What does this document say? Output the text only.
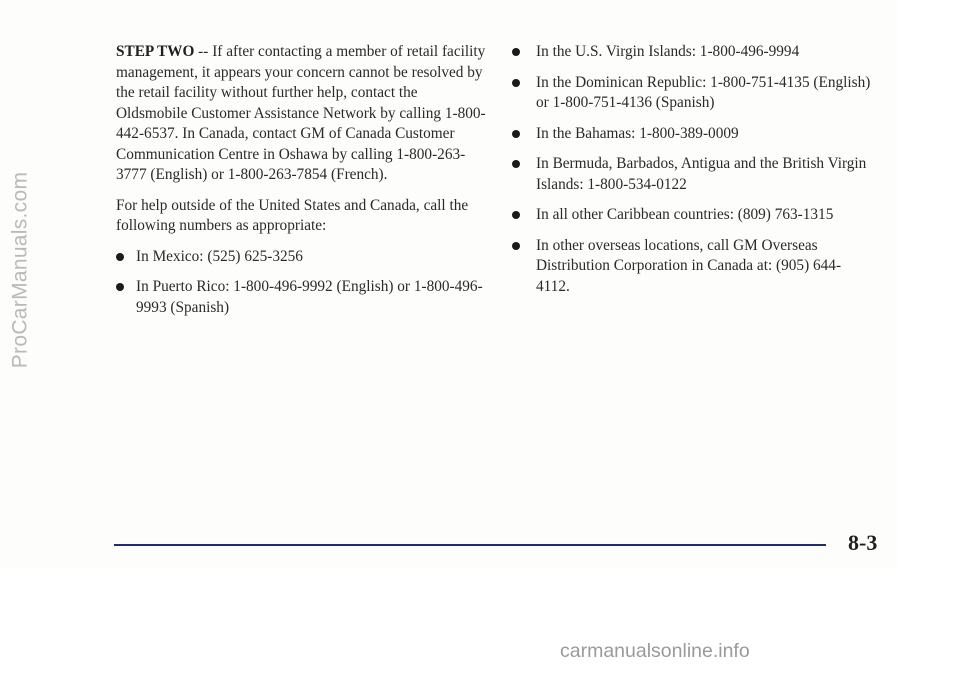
ProCarManuals.com

STEP TWO -- If after contacting a member of retail facility management, it appears your concern cannot be resolved by the retail facility without further help, contact the Oldsmobile Customer Assistance Network by calling 1-800-442-6537. In Canada, contact GM of Canada Customer Communication Centre in Oshawa by calling 1-800-263-3777 (English) or 1-800-263-7854 (French).

For help outside of the United States and Canada, call the following numbers as appropriate:

In Mexico: (525) 625-3256
In Puerto Rico: 1-800-496-9992 (English) or 1-800-496-9993 (Spanish)
In the U.S. Virgin Islands: 1-800-496-9994
In the Dominican Republic: 1-800-751-4135 (English) or 1-800-751-4136 (Spanish)
In the Bahamas: 1-800-389-0009
In Bermuda, Barbados, Antigua and the British Virgin Islands: 1-800-534-0122
In all other Caribbean countries: (809) 763-1315
In other overseas locations, call GM Overseas Distribution Corporation in Canada at: (905) 644-4112.
8-3
carmanualsonline.info
